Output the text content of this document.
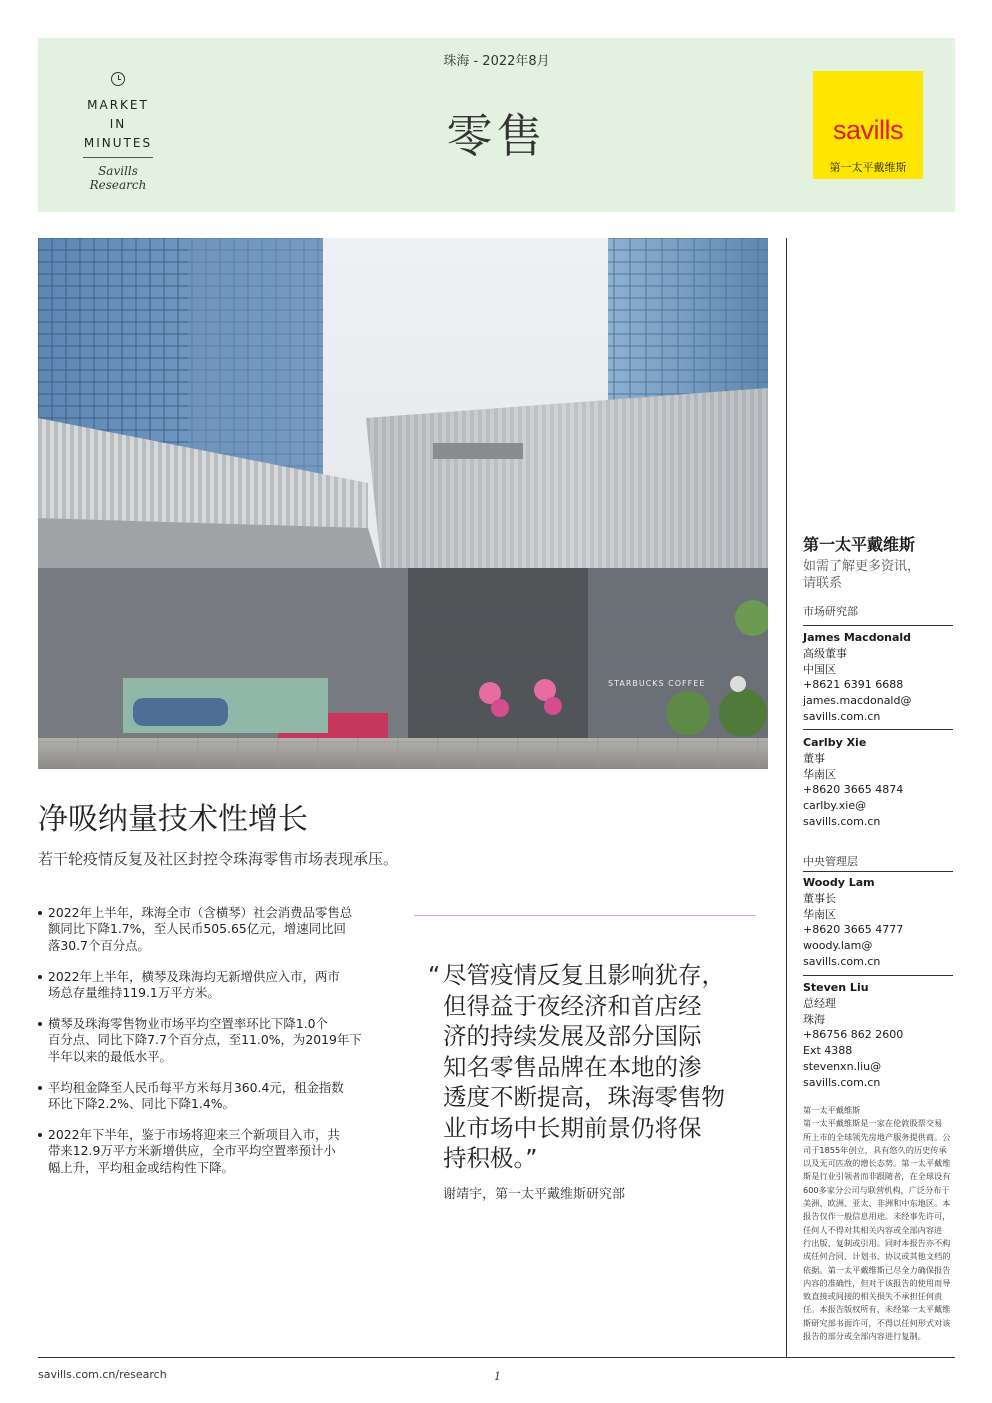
MARKET
IN
MINUTES
Savills Research
珠海 - 2022年8月
零售	savills
第一太平戴维斯
STARBUCKS COFFEE
第一太平戴维斯
如需了解更多资讯，
请联系
市场研究部
James Macdonald
高级董事
中国区
+8621 6391 6688
james.macdonald@
savills.com.cn
Carlby Xie
董事
华南区
+8620 3665 4874
carlby.xie@
savills.com.cn
中央管理层
Woody Lam
董事长
华南区
+8620 3665 4777
woody.lam@
savills.com.cn
Steven Liu
总经理
珠海
+86756 862 2600
Ext 4388
stevenxn.liu@
savills.com.cn
第一太平戴维斯
第一太平戴维斯是一家在伦敦股票交易
所上市的全球领先房地产服务提供商。公
司于1855年创立，具有悠久的历史传承
以及无可匹敌的增长态势。第一太平戴维
斯是行业引领者而非跟随者，在全球设有
600多家分公司与联营机构，广泛分布于
美洲、欧洲、亚太、非洲和中东地区。本
报告仅作一般信息用途。未经事先许可，
任何人不得对其相关内容或全部内容进
行出版、复制或引用。同时本报告亦不构
成任何合同、计划书、协议或其他文档的
依据。第一太平戴维斯已尽全力确保报告
内容的准确性，但对于该报告的使用而导
致直接或间接的相关损失不承担任何责
任。本报告版权所有，未经第一太平戴维
斯研究部书面许可，不得以任何形式对该
报告的部分或全部内容进行复制。
净吸纳量技术性增长
若干轮疫情反复及社区封控令珠海零售市场表现承压。
2022年上半年，珠海全市（含横琴）社会消费品零售总
额同比下降1.7%，至人民币505.65亿元，增速同比回
落30.7个百分点。
2022年上半年，横琴及珠海均无新增供应入市，两市
场总存量维持119.1万平方米。
横琴及珠海零售物业市场平均空置率环比下降1.0个
百分点、同比下降7.7个百分点，至11.0%，为2019年下
半年以来的最低水平。
平均租金降至人民币每平方米每月360.4元，租金指数
环比下降2.2%、同比下降1.4%。
2022年下半年，鉴于市场将迎来三个新项目入市，共
带来12.9万平方米新增供应，全市平均空置率预计小
幅上升，平均租金或结构性下降。
“ 尽管疫情反复且影响犹存，
但得益于夜经济和首店经
济的持续发展及部分国际
知名零售品牌在本地的渗
透度不断提高，珠海零售物
业市场中长期前景仍将保
持积极。”
谢靖宇，第一太平戴维斯研究部
savills.com.cn/research	1
